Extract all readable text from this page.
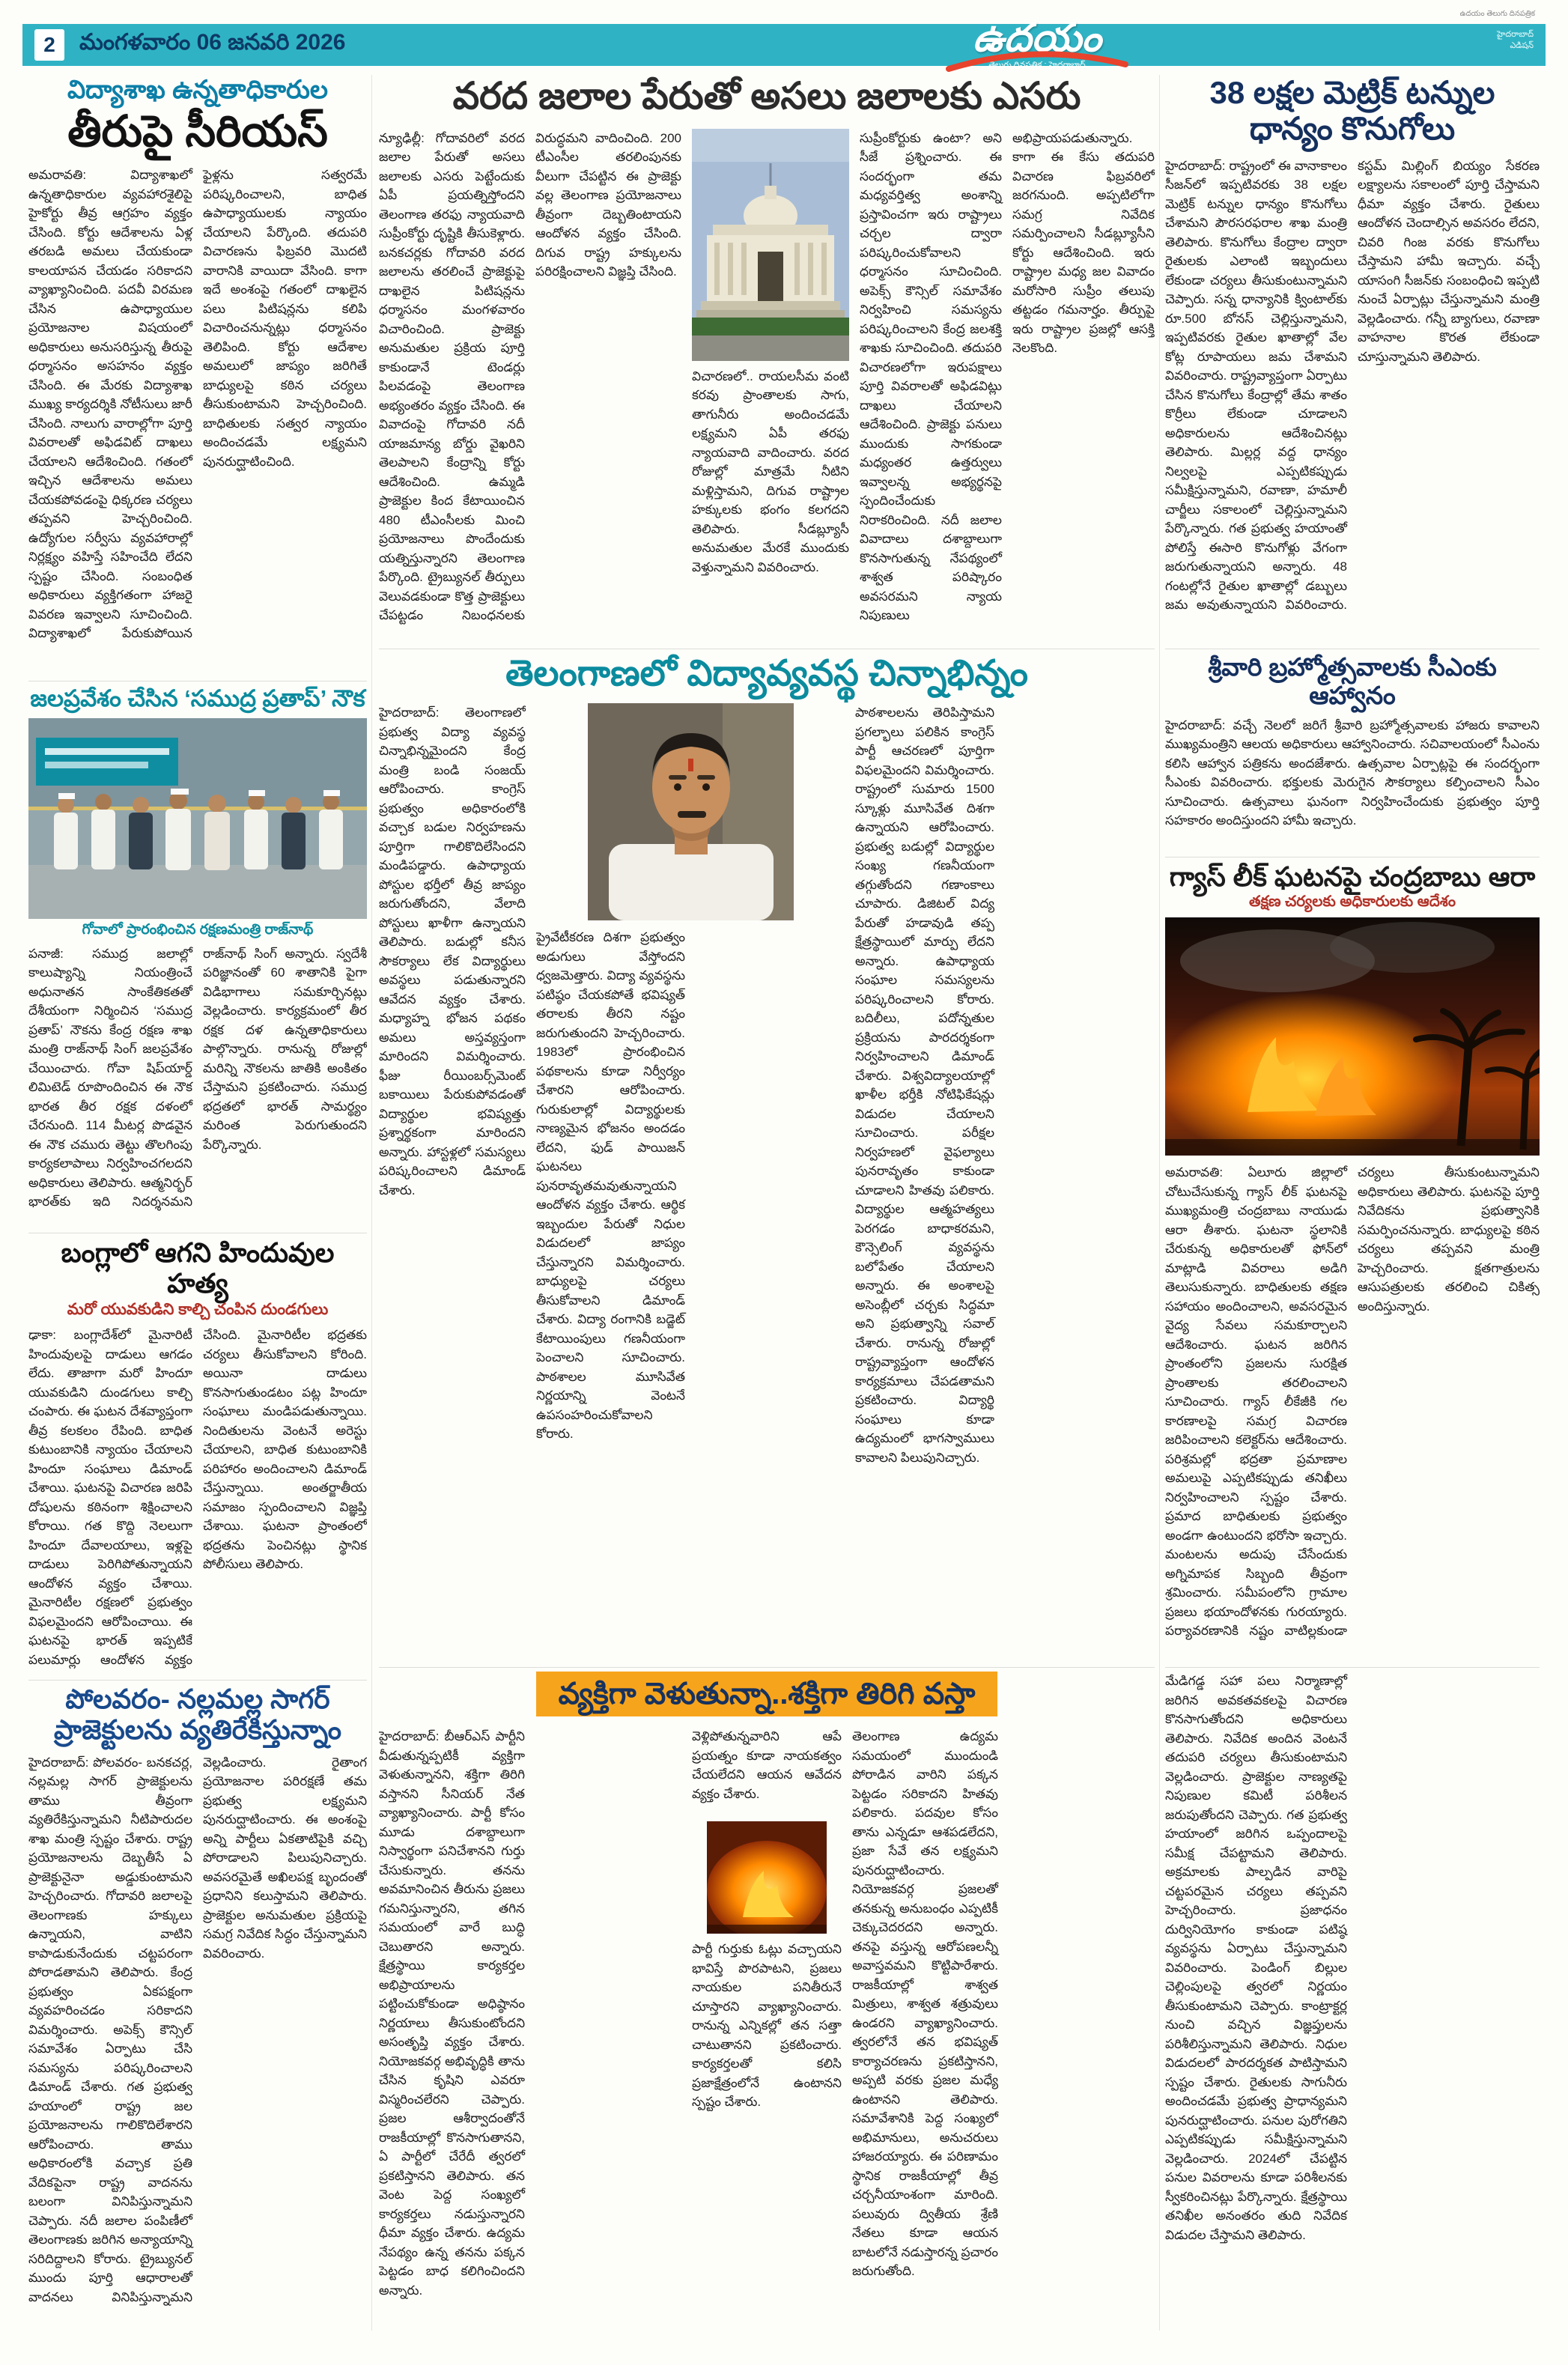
ఉదయం తెలుగు దినపత్రిక
2	మంగళవారం 06 జనవరి 2026	ఉదయం
తెలుగు దినపత్రిక : హైదరాబాద్
హైదరాబాద్
ఎడిషన్
విద్యాశాఖ ఉన్నతాధికారుల
తీరుపై సీరియస్
అమరావతి: విద్యాశాఖలో ఉన్నతాధికారుల వ్యవహారశైలిపై హైకోర్టు తీవ్ర ఆగ్రహం వ్యక్తం చేసింది. కోర్టు ఆదేశాలను ఏళ్ల తరబడి అమలు చేయకుండా కాలయాపన చేయడం సరికాదని వ్యాఖ్యానించింది. పదవీ విరమణ చేసిన ఉపాధ్యాయుల ప్రయోజనాల విషయంలో అధికారులు అనుసరిస్తున్న తీరుపై ధర్మాసనం అసహనం వ్యక్తం చేసింది. ఈ మేరకు విద్యాశాఖ ముఖ్య కార్యదర్శికి నోటీసులు జారీ చేసింది. నాలుగు వారాల్లోగా పూర్తి వివరాలతో అఫిడవిట్ దాఖలు చేయాలని ఆదేశించింది. గతంలో ఇచ్చిన ఆదేశాలను అమలు చేయకపోవడంపై ధిక్కరణ చర్యలు తప్పవని హెచ్చరించింది. ఉద్యోగుల సర్వీసు వ్యవహారాల్లో నిర్లక్ష్యం వహిస్తే సహించేది లేదని స్పష్టం చేసింది. సంబంధిత అధికారులు వ్యక్తిగతంగా హాజరై వివరణ ఇవ్వాలని సూచించింది. విద్యాశాఖలో పేరుకుపోయిన ఫైళ్లను సత్వరమే పరిష్కరించాలని, బాధిత ఉపాధ్యాయులకు న్యాయం చేయాలని పేర్కొంది. తదుపరి విచారణను ఫిబ్రవరి మొదటి వారానికి వాయిదా వేసింది. కాగా ఇదే అంశంపై గతంలో దాఖలైన పలు పిటిషన్లను కలిపి విచారించనున్నట్లు ధర్మాసనం తెలిపింది. కోర్టు ఆదేశాల అమలులో జాప్యం జరిగితే బాధ్యులపై కఠిన చర్యలు తీసుకుంటామని హెచ్చరించింది. బాధితులకు సత్వర న్యాయం అందించడమే లక్ష్యమని పునరుద్ఘాటించింది.
వరద జలాల పేరుతో అసలు జలాలకు ఎసరు
న్యూఢిల్లీ: గోదావరిలో వరద జలాల పేరుతో అసలు జలాలకు ఎసరు పెట్టేందుకు ఏపీ ప్రయత్నిస్తోందని తెలంగాణ తరఫు న్యాయవాది సుప్రీంకోర్టు దృష్టికి తీసుకెళ్లారు. బనకచర్లకు గోదావరి వరద జలాలను తరలించే ప్రాజెక్టుపై దాఖలైన పిటిషన్లను ధర్మాసనం మంగళవారం విచారించింది. ప్రాజెక్టు అనుమతుల ప్రక్రియ పూర్తి కాకుండానే టెండర్లు పిలవడంపై తెలంగాణ అభ్యంతరం వ్యక్తం చేసింది. ఈ వివాదంపై గోదావరి నదీ యాజమాన్య బోర్డు వైఖరిని తెలపాలని కేంద్రాన్ని కోర్టు ఆదేశించింది. ఉమ్మడి ప్రాజెక్టుల కింద కేటాయించిన 480 టీఎంసీలకు మించి ప్రయోజనాలు పొందేందుకు యత్నిస్తున్నారని తెలంగాణ పేర్కొంది. ట్రైబ్యునల్ తీర్పులు వెలువడకుండా కొత్త ప్రాజెక్టులు చేపట్టడం నిబంధనలకు విరుద్ధమని వాదించింది. 200 టీఎంసీల తరలింపునకు వీలుగా చేపట్టిన ఈ ప్రాజెక్టు వల్ల తెలంగాణ ప్రయోజనాలు తీవ్రంగా దెబ్బతింటాయని ఆందోళన వ్యక్తం చేసింది. దిగువ రాష్ట్ర హక్కులను పరిరక్షించాలని విజ్ఞప్తి చేసింది.
విచారణలో.. రాయలసీమ వంటి కరవు ప్రాంతాలకు సాగు, తాగునీరు అందించడమే లక్ష్యమని ఏపీ తరఫు న్యాయవాది వాదించారు. వరద రోజుల్లో మాత్రమే నీటిని మళ్లిస్తామని, దిగువ రాష్ట్రాల హక్కులకు భంగం కలగదని తెలిపారు. సీడబ్ల్యూసీ అనుమతుల మేరకే ముందుకు వెళ్తున్నామని వివరించారు.
సుప్రీంకోర్టుకు ఉంటా? అని సీజే ప్రశ్నించారు. ఈ సందర్భంగా తమ మధ్యవర్తిత్వ అంశాన్ని ప్రస్తావించగా ఇరు రాష్ట్రాలు చర్చల ద్వారా పరిష్కరించుకోవాలని ధర్మాసనం సూచించింది. అపెక్స్ కౌన్సిల్ సమావేశం నిర్వహించి సమస్యను పరిష్కరించాలని కేంద్ర జలశక్తి శాఖకు సూచించింది. తదుపరి విచారణలోగా ఇరుపక్షాలు పూర్తి వివరాలతో అఫిడవిట్లు దాఖలు చేయాలని ఆదేశించింది. ప్రాజెక్టు పనులు ముందుకు సాగకుండా మధ్యంతర ఉత్తర్వులు ఇవ్వాలన్న అభ్యర్థనపై స్పందించేందుకు నిరాకరించింది. నదీ జలాల వివాదాలు దశాబ్దాలుగా కొనసాగుతున్న నేపథ్యంలో శాశ్వత పరిష్కారం అవసరమని న్యాయ నిపుణులు అభిప్రాయపడుతున్నారు. కాగా ఈ కేసు తదుపరి విచారణ ఫిబ్రవరిలో జరగనుంది. అప్పటిలోగా సమగ్ర నివేదిక సమర్పించాలని సీడబ్ల్యూసీని కోర్టు ఆదేశించింది. ఇరు రాష్ట్రాల మధ్య జల వివాదం మరోసారి సుప్రీం తలుపు తట్టడం గమనార్హం. తీర్పుపై ఇరు రాష్ట్రాల ప్రజల్లో ఆసక్తి నెలకొంది.
38 లక్షల మెట్రిక్ టన్నుల
ధాన్యం కొనుగోలు
హైదరాబాద్: రాష్ట్రంలో ఈ వానాకాలం సీజన్‌లో ఇప్పటివరకు 38 లక్షల మెట్రిక్ టన్నుల ధాన్యం కొనుగోలు చేశామని పౌరసరఫరాల శాఖ మంత్రి తెలిపారు. కొనుగోలు కేంద్రాల ద్వారా రైతులకు ఎలాంటి ఇబ్బందులు లేకుండా చర్యలు తీసుకుంటున్నామని చెప్పారు. సన్న ధాన్యానికి క్వింటాల్‌కు రూ.500 బోనస్ చెల్లిస్తున్నామని, ఇప్పటివరకు రైతుల ఖాతాల్లో వేల కోట్ల రూపాయలు జమ చేశామని వివరించారు. రాష్ట్రవ్యాప్తంగా ఏర్పాటు చేసిన కొనుగోలు కేంద్రాల్లో తేమ శాతం కొర్రీలు లేకుండా చూడాలని అధికారులను ఆదేశించినట్లు తెలిపారు. మిల్లర్ల వద్ద ధాన్యం నిల్వలపై ఎప్పటికప్పుడు సమీక్షిస్తున్నామని, రవాణా, హమాలీ చార్జీలు సకాలంలో చెల్లిస్తున్నామని పేర్కొన్నారు. గత ప్రభుత్వ హయాంతో పోలిస్తే ఈసారి కొనుగోళ్లు వేగంగా జరుగుతున్నాయని అన్నారు. 48 గంటల్లోనే రైతుల ఖాతాల్లో డబ్బులు జమ అవుతున్నాయని వివరించారు. కస్టమ్ మిల్లింగ్ బియ్యం సేకరణ లక్ష్యాలను సకాలంలో పూర్తి చేస్తామని ధీమా వ్యక్తం చేశారు. రైతులు ఆందోళన చెందాల్సిన అవసరం లేదని, చివరి గింజ వరకు కొనుగోలు చేస్తామని హామీ ఇచ్చారు. వచ్చే యాసంగి సీజన్‌కు సంబంధించి ఇప్పటి నుంచే ఏర్పాట్లు చేస్తున్నామని మంత్రి వెల్లడించారు. గన్నీ బ్యాగులు, రవాణా వాహనాల కొరత లేకుండా చూస్తున్నామని తెలిపారు.
జలప్రవేశం చేసిన ‘సముద్ర ప్రతాప్’ నౌక
గోవాలో ప్రారంభించిన రక్షణమంత్రి రాజ్‌నాథ్
పనాజీ: సముద్ర జలాల్లో కాలుష్యాన్ని నియంత్రించే అధునాతన సాంకేతికతతో దేశీయంగా నిర్మించిన ‘సముద్ర ప్రతాప్’ నౌకను కేంద్ర రక్షణ శాఖ మంత్రి రాజ్‌నాథ్ సింగ్ జలప్రవేశం చేయించారు. గోవా షిప్‌యార్డ్ లిమిటెడ్ రూపొందించిన ఈ నౌక భారత తీర రక్షక దళంలో చేరనుంది. 114 మీటర్ల పొడవైన ఈ నౌక చమురు తెట్టు తొలగింపు కార్యకలాపాలు నిర్వహించగలదని అధికారులు తెలిపారు. ఆత్మనిర్భర్ భారత్‌కు ఇది నిదర్శనమని రాజ్‌నాథ్ సింగ్ అన్నారు. స్వదేశీ పరిజ్ఞానంతో 60 శాతానికి పైగా విడిభాగాలు సమకూర్చినట్లు వెల్లడించారు. కార్యక్రమంలో తీర రక్షక దళ ఉన్నతాధికారులు పాల్గొన్నారు. రానున్న రోజుల్లో మరిన్ని నౌకలను జాతికి అంకితం చేస్తామని ప్రకటించారు. సముద్ర భద్రతలో భారత్ సామర్థ్యం మరింత పెరుగుతుందని పేర్కొన్నారు.
బంగ్లాలో ఆగని హిందువుల హత్య
మరో యువకుడిని కాల్చి చంపిన దుండగులు
ఢాకా: బంగ్లాదేశ్‌లో మైనారిటీ హిందువులపై దాడులు ఆగడం లేదు. తాజాగా మరో హిందూ యువకుడిని దుండగులు కాల్చి చంపారు. ఈ ఘటన దేశవ్యాప్తంగా తీవ్ర కలకలం రేపింది. బాధిత కుటుంబానికి న్యాయం చేయాలని హిందూ సంఘాలు డిమాండ్ చేశాయి. ఘటనపై విచారణ జరిపి దోషులను కఠినంగా శిక్షించాలని కోరాయి. గత కొద్ది నెలలుగా హిందూ దేవాలయాలు, ఇళ్లపై దాడులు పెరిగిపోతున్నాయని ఆందోళన వ్యక్తం చేశాయి. మైనారిటీల రక్షణలో ప్రభుత్వం విఫలమైందని ఆరోపించాయి. ఈ ఘటనపై భారత్ ఇప్పటికే పలుమార్లు ఆందోళన వ్యక్తం చేసింది. మైనారిటీల భద్రతకు చర్యలు తీసుకోవాలని కోరింది. అయినా దాడులు కొనసాగుతుండటం పట్ల హిందూ సంఘాలు మండిపడుతున్నాయి. నిందితులను వెంటనే అరెస్టు చేయాలని, బాధిత కుటుంబానికి పరిహారం అందించాలని డిమాండ్ చేస్తున్నాయి. అంతర్జాతీయ సమాజం స్పందించాలని విజ్ఞప్తి చేశాయి. ఘటనా ప్రాంతంలో భద్రతను పెంచినట్లు స్థానిక పోలీసులు తెలిపారు.
పోలవరం- నల్లమల్ల సాగర్
ప్రాజెక్టులను వ్యతిరేకిస్తున్నాం
హైదరాబాద్: పోలవరం- బనకచర్ల, నల్లమల్ల సాగర్ ప్రాజెక్టులను తాము తీవ్రంగా వ్యతిరేకిస్తున్నామని నీటిపారుదల శాఖ మంత్రి స్పష్టం చేశారు. రాష్ట్ర ప్రయోజనాలను దెబ్బతీసే ఏ ప్రాజెక్టునైనా అడ్డుకుంటామని హెచ్చరించారు. గోదావరి జలాలపై తెలంగాణకు హక్కులు ఉన్నాయని, వాటిని కాపాడుకునేందుకు చట్టపరంగా పోరాడతామని తెలిపారు. కేంద్ర ప్రభుత్వం ఏకపక్షంగా వ్యవహరించడం సరికాదని విమర్శించారు. అపెక్స్ కౌన్సిల్ సమావేశం ఏర్పాటు చేసి సమస్యను పరిష్కరించాలని డిమాండ్ చేశారు. గత ప్రభుత్వ హయాంలో రాష్ట్ర జల ప్రయోజనాలను గాలికొదిలేశారని ఆరోపించారు. తాము అధికారంలోకి వచ్చాక ప్రతి వేదికపైనా రాష్ట్ర వాదనను బలంగా వినిపిస్తున్నామని చెప్పారు. నదీ జలాల పంపిణీలో తెలంగాణకు జరిగిన అన్యాయాన్ని సరిదిద్దాలని కోరారు. ట్రైబ్యునల్ ముందు పూర్తి ఆధారాలతో వాదనలు వినిపిస్తున్నామని వెల్లడించారు. రైతాంగ ప్రయోజనాల పరిరక్షణే తమ ప్రభుత్వ లక్ష్యమని పునరుద్ఘాటించారు. ఈ అంశంపై అన్ని పార్టీలు ఏకతాటిపైకి వచ్చి పోరాడాలని పిలుపునిచ్చారు. అవసరమైతే అఖిలపక్ష బృందంతో ప్రధానిని కలుస్తామని తెలిపారు. ప్రాజెక్టుల అనుమతుల ప్రక్రియపై సమగ్ర నివేదిక సిద్ధం చేస్తున్నామని వివరించారు.
తెలంగాణలో విద్యావ్యవస్థ చిన్నాభిన్నం
హైదరాబాద్: తెలంగాణలో ప్రభుత్వ విద్యా వ్యవస్థ చిన్నాభిన్నమైందని కేంద్ర మంత్రి బండి సంజయ్ ఆరోపించారు. కాంగ్రెస్ ప్రభుత్వం అధికారంలోకి వచ్చాక బడుల నిర్వహణను పూర్తిగా గాలికొదిలేసిందని మండిపడ్డారు. ఉపాధ్యాయ పోస్టుల భర్తీలో తీవ్ర జాప్యం జరుగుతోందని, వేలాది పోస్టులు ఖాళీగా ఉన్నాయని తెలిపారు. బడుల్లో కనీస సౌకర్యాలు లేక విద్యార్థులు అవస్థలు పడుతున్నారని ఆవేదన వ్యక్తం చేశారు. మధ్యాహ్న భోజన పథకం అమలు అస్తవ్యస్తంగా మారిందని విమర్శించారు. ఫీజు రీయింబర్స్‌మెంట్ బకాయిలు పేరుకుపోవడంతో విద్యార్థుల భవిష్యత్తు ప్రశ్నార్థకంగా మారిందని అన్నారు. హాస్టళ్లలో సమస్యలు పరిష్కరించాలని డిమాండ్ చేశారు.
ప్రైవేటీకరణ దిశగా ప్రభుత్వం అడుగులు వేస్తోందని ధ్వజమెత్తారు. విద్యా వ్యవస్థను పటిష్ఠం చేయకపోతే భవిష్యత్ తరాలకు తీరని నష్టం జరుగుతుందని హెచ్చరించారు. 1983లో ప్రారంభించిన పథకాలను కూడా నిర్వీర్యం చేశారని ఆరోపించారు. గురుకులాల్లో విద్యార్థులకు నాణ్యమైన భోజనం అందడం లేదని, ఫుడ్ పాయిజన్ ఘటనలు పునరావృతమవుతున్నాయని ఆందోళన వ్యక్తం చేశారు. ఆర్థిక ఇబ్బందుల పేరుతో నిధుల విడుదలలో జాప్యం చేస్తున్నారని విమర్శించారు. బాధ్యులపై చర్యలు తీసుకోవాలని డిమాండ్ చేశారు. విద్యా రంగానికి బడ్జెట్ కేటాయింపులు గణనీయంగా పెంచాలని సూచించారు. పాఠశాలల మూసివేత నిర్ణయాన్ని వెంటనే ఉపసంహరించుకోవాలని కోరారు.
పాఠశాలలను తెరిపిస్తామని ప్రగల్భాలు పలికిన కాంగ్రెస్ పార్టీ ఆచరణలో పూర్తిగా విఫలమైందని విమర్శించారు. రాష్ట్రంలో సుమారు 1500 స్కూళ్లు మూసివేత దిశగా ఉన్నాయని ఆరోపించారు. ప్రభుత్వ బడుల్లో విద్యార్థుల సంఖ్య గణనీయంగా తగ్గుతోందని గణాంకాలు చూపారు. డిజిటల్ విద్య పేరుతో హడావుడి తప్ప క్షేత్రస్థాయిలో మార్పు లేదని అన్నారు. ఉపాధ్యాయ సంఘాల సమస్యలను పరిష్కరించాలని కోరారు. బదిలీలు, పదోన్నతుల ప్రక్రియను పారదర్శకంగా నిర్వహించాలని డిమాండ్ చేశారు. విశ్వవిద్యాలయాల్లో ఖాళీల భర్తీకి నోటిఫికేషన్లు విడుదల చేయాలని సూచించారు. పరీక్షల నిర్వహణలో వైఫల్యాలు పునరావృతం కాకుండా చూడాలని హితవు పలికారు. విద్యార్థుల ఆత్మహత్యలు పెరగడం బాధాకరమని, కౌన్సెలింగ్ వ్యవస్థను బలోపేతం చేయాలని అన్నారు. ఈ అంశాలపై అసెంబ్లీలో చర్చకు సిద్ధమా అని ప్రభుత్వాన్ని సవాల్ చేశారు. రానున్న రోజుల్లో రాష్ట్రవ్యాప్తంగా ఆందోళన కార్యక్రమాలు చేపడతామని ప్రకటించారు. విద్యార్థి సంఘాలు కూడా ఉద్యమంలో భాగస్వాములు కావాలని పిలుపునిచ్చారు.
శ్రీవారి బ్రహ్మోత్సవాలకు సీఎంకు ఆహ్వానం
హైదరాబాద్: వచ్చే నెలలో జరిగే శ్రీవారి బ్రహ్మోత్సవాలకు హాజరు కావాలని ముఖ్యమంత్రిని ఆలయ అధికారులు ఆహ్వానించారు. సచివాలయంలో సీఎంను కలిసి ఆహ్వాన పత్రికను అందజేశారు. ఉత్సవాల ఏర్పాట్లపై ఈ సందర్భంగా సీఎంకు వివరించారు. భక్తులకు మెరుగైన సౌకర్యాలు కల్పించాలని సీఎం సూచించారు. ఉత్సవాలు ఘనంగా నిర్వహించేందుకు ప్రభుత్వం పూర్తి సహకారం అందిస్తుందని హామీ ఇచ్చారు.
గ్యాస్ లీక్ ఘటనపై చంద్రబాబు ఆరా
తక్షణ చర్యలకు అధికారులకు ఆదేశం
అమరావతి: ఏలూరు జిల్లాలో చోటుచేసుకున్న గ్యాస్ లీక్ ఘటనపై ముఖ్యమంత్రి చంద్రబాబు నాయుడు ఆరా తీశారు. ఘటనా స్థలానికి చేరుకున్న అధికారులతో ఫోన్‌లో మాట్లాడి వివరాలు అడిగి తెలుసుకున్నారు. బాధితులకు తక్షణ సహాయం అందించాలని, అవసరమైన వైద్య సేవలు సమకూర్చాలని ఆదేశించారు. ఘటన జరిగిన ప్రాంతంలోని ప్రజలను సురక్షిత ప్రాంతాలకు తరలించాలని సూచించారు. గ్యాస్ లీకేజీకి గల కారణాలపై సమగ్ర విచారణ జరిపించాలని కలెక్టర్‌ను ఆదేశించారు. పరిశ్రమల్లో భద్రతా ప్రమాణాల అమలుపై ఎప్పటికప్పుడు తనిఖీలు నిర్వహించాలని స్పష్టం చేశారు. ప్రమాద బాధితులకు ప్రభుత్వం అండగా ఉంటుందని భరోసా ఇచ్చారు. మంటలను అదుపు చేసేందుకు అగ్నిమాపక సిబ్బంది తీవ్రంగా శ్రమించారు. సమీపంలోని గ్రామాల ప్రజలు భయాందోళనకు గురయ్యారు. పర్యావరణానికి నష్టం వాటిల్లకుండా చర్యలు తీసుకుంటున్నామని అధికారులు తెలిపారు. ఘటనపై పూర్తి నివేదికను ప్రభుత్వానికి సమర్పించనున్నారు. బాధ్యులపై కఠిన చర్యలు తప్పవని మంత్రి హెచ్చరించారు. క్షతగాత్రులను ఆసుపత్రులకు తరలించి చికిత్స అందిస్తున్నారు.
వ్యక్తిగా వెళుతున్నా..శక్తిగా తిరిగి వస్తా
హైదరాబాద్: బీఆర్ఎస్ పార్టీని వీడుతున్నప్పటికీ వ్యక్తిగా వెళుతున్నానని, శక్తిగా తిరిగి వస్తానని సీనియర్ నేత వ్యాఖ్యానించారు. పార్టీ కోసం మూడు దశాబ్దాలుగా నిస్వార్థంగా పనిచేశానని గుర్తు చేసుకున్నారు. తనను అవమానించిన తీరును ప్రజలు గమనిస్తున్నారని, తగిన సమయంలో వారే బుద్ధి చెబుతారని అన్నారు. క్షేత్రస్థాయి కార్యకర్తల అభిప్రాయాలను పట్టించుకోకుండా అధిష్ఠానం నిర్ణయాలు తీసుకుంటోందని అసంతృప్తి వ్యక్తం చేశారు. నియోజకవర్గ అభివృద్ధికి తాను చేసిన కృషిని ఎవరూ విస్మరించలేరని చెప్పారు. ప్రజల ఆశీర్వాదంతోనే రాజకీయాల్లో కొనసాగుతానని, ఏ పార్టీలో చేరేదీ త్వరలో ప్రకటిస్తానని తెలిపారు. తన వెంట పెద్ద సంఖ్యలో కార్యకర్తలు నడుస్తున్నారని ధీమా వ్యక్తం చేశారు. ఉద్యమ నేపథ్యం ఉన్న తనను పక్కన పెట్టడం బాధ కలిగించిందని అన్నారు.
వెళ్లిపోతున్నవారిని ఆపే ప్రయత్నం కూడా నాయకత్వం చేయలేదని ఆయన ఆవేదన వ్యక్తం చేశారు.
పార్టీ గుర్తుకు ఓట్లు వచ్చాయని భావిస్తే పొరపాటని, ప్రజలు నాయకుల పనితీరునే చూస్తారని వ్యాఖ్యానించారు. రానున్న ఎన్నికల్లో తన సత్తా చాటుతానని ప్రకటించారు. కార్యకర్తలతో కలిసి ప్రజాక్షేత్రంలోనే ఉంటానని స్పష్టం చేశారు.
తెలంగాణ ఉద్యమ సమయంలో ముందుండి పోరాడిన వారిని పక్కన పెట్టడం సరికాదని హితవు పలికారు. పదవుల కోసం తాను ఎన్నడూ ఆశపడలేదని, ప్రజా సేవే తన లక్ష్యమని పునరుద్ఘాటించారు. నియోజకవర్గ ప్రజలతో తనకున్న అనుబంధం ఎప్పటికీ చెక్కుచెదరదని అన్నారు. తనపై వస్తున్న ఆరోపణలన్నీ అవాస్తవమని కొట్టిపారేశారు. రాజకీయాల్లో శాశ్వత మిత్రులు, శాశ్వత శత్రువులు ఉండరని వ్యాఖ్యానించారు. త్వరలోనే తన భవిష్యత్ కార్యాచరణను ప్రకటిస్తానని, అప్పటి వరకు ప్రజల మధ్యే ఉంటానని తెలిపారు. సమావేశానికి పెద్ద సంఖ్యలో అభిమానులు, అనుచరులు హాజరయ్యారు. ఈ పరిణామం స్థానిక రాజకీయాల్లో తీవ్ర చర్చనీయాంశంగా మారింది. పలువురు ద్వితీయ శ్రేణి నేతలు కూడా ఆయన బాటలోనే నడుస్తారన్న ప్రచారం జరుగుతోంది.
మేడిగడ్డ సహా పలు నిర్మాణాల్లో జరిగిన అవకతవకలపై విచారణ కొనసాగుతోందని అధికారులు తెలిపారు. నివేదిక అందిన వెంటనే తదుపరి చర్యలు తీసుకుంటామని వెల్లడించారు. ప్రాజెక్టుల నాణ్యతపై నిపుణుల కమిటీ పరిశీలన జరుపుతోందని చెప్పారు. గత ప్రభుత్వ హయాంలో జరిగిన ఒప్పందాలపై సమీక్ష చేపట్టామని తెలిపారు. అక్రమాలకు పాల్పడిన వారిపై చట్టపరమైన చర్యలు తప్పవని హెచ్చరించారు. ప్రజాధనం దుర్వినియోగం కాకుండా పటిష్ఠ వ్యవస్థను ఏర్పాటు చేస్తున్నామని వివరించారు. పెండింగ్ బిల్లుల చెల్లింపులపై త్వరలో నిర్ణయం తీసుకుంటామని చెప్పారు. కాంట్రాక్టర్ల నుంచి వచ్చిన విజ్ఞప్తులను పరిశీలిస్తున్నామని తెలిపారు. నిధుల విడుదలలో పారదర్శకత పాటిస్తామని స్పష్టం చేశారు. రైతులకు సాగునీరు అందించడమే ప్రభుత్వ ప్రాధాన్యమని పునరుద్ఘాటించారు. పనుల పురోగతిని ఎప్పటికప్పుడు సమీక్షిస్తున్నామని వెల్లడించారు. 2024లో చేపట్టిన పనుల వివరాలను కూడా పరిశీలనకు స్వీకరించినట్లు పేర్కొన్నారు. క్షేత్రస్థాయి తనిఖీల అనంతరం తుది నివేదిక విడుదల చేస్తామని తెలిపారు.
